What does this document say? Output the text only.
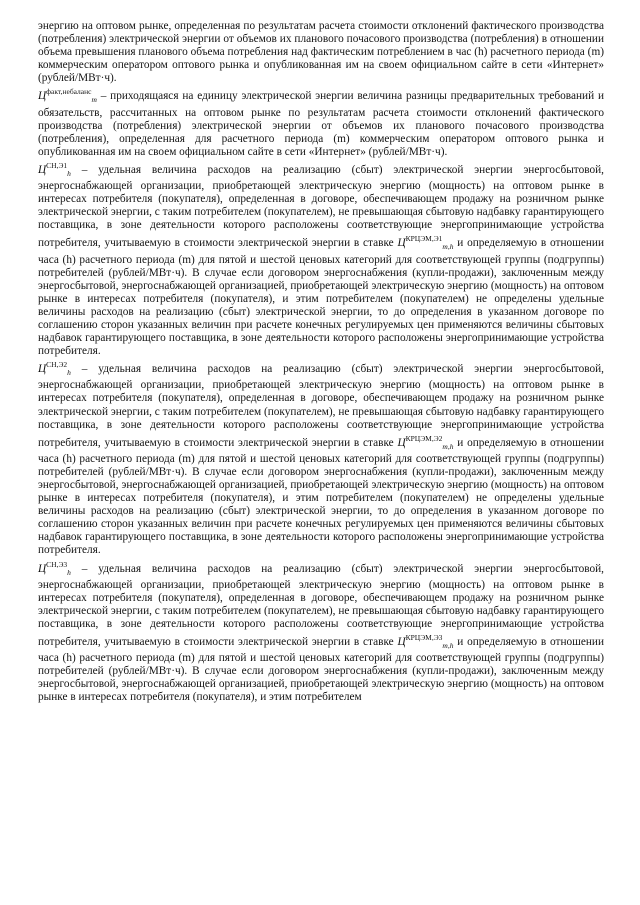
энергию на оптовом рынке, определенная по результатам расчета стоимости отклонений фактического производства (потребления) электрической энергии от объемов их планового почасового производства (потребления) в отношении объема превышения планового объема потребления над фактическим потреблением в час (h) расчетного периода (m) коммерческим оператором оптового рынка и опубликованная им на своем официальном сайте в сети «Интернет» (рублей/МВт·ч).

$Ц^{факт,небаланс}_m$ – приходящаяся на единицу электрической энергии величина разницы предварительных требований и обязательств, рассчитанных на оптовом рынке по результатам расчета стоимости отклонений фактического производства (потребления) электрической энергии от объемов их планового почасового производства (потребления), определенная для расчетного периода (m) коммерческим оператором оптового рынка и опубликованная им на своем официальном сайте в сети «Интернет» (рублей/МВт·ч).

$Ц^{СН,Э1}_h$ – удельная величина расходов на реализацию (сбыт) электрической энергии энергосбытовой, энергоснабжающей организации, приобретающей электрическую энергию (мощность) на оптовом рынке в интересах потребителя (покупателя), определенная в договоре, обеспечивающем продажу на розничном рынке электрической энергии, с таким потребителем (покупателем), не превышающая сбытовую надбавку гарантирующего поставщика, в зоне деятельности которого расположены соответствующие энергопринимающие устройства потребителя, учитываемую в стоимости электрической энергии в ставке $Ц^{КРЦЭМ,Э1}_{m,h}$ и определяемую в отношении часа (h) расчетного периода (m) для пятой и шестой ценовых категорий для соответствующей группы (подгруппы) потребителей (рублей/МВт·ч). В случае если договором энергоснабжения (купли-продажи), заключенным между энергосбытовой, энергоснабжающей организацией, приобретающей электрическую энергию (мощность) на оптовом рынке в интересах потребителя (покупателя), и этим потребителем (покупателем) не определены удельные величины расходов на реализацию (сбыт) электрической энергии, то до определения в указанном договоре по соглашению сторон указанных величин при расчете конечных регулируемых цен применяются величины сбытовых надбавок гарантирующего поставщика, в зоне деятельности которого расположены энергопринимающие устройства потребителя.

$Ц^{СН,Э2}_h$ – удельная величина расходов на реализацию (сбыт) электрической энергии энергосбытовой, энергоснабжающей организации, приобретающей электрическую энергию (мощность) на оптовом рынке в интересах потребителя (покупателя), определенная в договоре, обеспечивающем продажу на розничном рынке электрической энергии, с таким потребителем (покупателем), не превышающая сбытовую надбавку гарантирующего поставщика, в зоне деятельности которого расположены соответствующие энергопринимающие устройства потребителя, учитываемую в стоимости электрической энергии в ставке $Ц^{КРЦЭМ,Э2}_{m,h}$ и определяемую в отношении часа (h) расчетного периода (m) для пятой и шестой ценовых категорий для соответствующей группы (подгруппы) потребителей (рублей/МВт·ч). В случае если договором энергоснабжения (купли-продажи), заключенным между энергосбытовой, энергоснабжающей организацией, приобретающей электрическую энергию (мощность) на оптовом рынке в интересах потребителя (покупателя), и этим потребителем (покупателем) не определены удельные величины расходов на реализацию (сбыт) электрической энергии, то до определения в указанном договоре по соглашению сторон указанных величин при расчете конечных регулируемых цен применяются величины сбытовых надбавок гарантирующего поставщика, в зоне деятельности которого расположены энергопринимающие устройства потребителя.

$Ц^{СН,Э3}_h$ – удельная величина расходов на реализацию (сбыт) электрической энергии энергосбытовой, энергоснабжающей организации, приобретающей электрическую энергию (мощность) на оптовом рынке в интересах потребителя (покупателя), определенная в договоре, обеспечивающем продажу на розничном рынке электрической энергии, с таким потребителем (покупателем), не превышающая сбытовую надбавку гарантирующего поставщика, в зоне деятельности которого расположены соответствующие энергопринимающие устройства потребителя, учитываемую в стоимости электрической энергии в ставке $Ц^{КРЦЭМ,Э3}_{m,h}$ и определяемую в отношении часа (h) расчетного периода (m) для пятой и шестой ценовых категорий для соответствующей группы (подгруппы) потребителей (рублей/МВт·ч). В случае если договором энергоснабжения (купли-продажи), заключенным между энергосбытовой, энергоснабжающей организацией, приобретающей электрическую энергию (мощность) на оптовом рынке в интересах потребителя (покупателя), и этим потребителем
